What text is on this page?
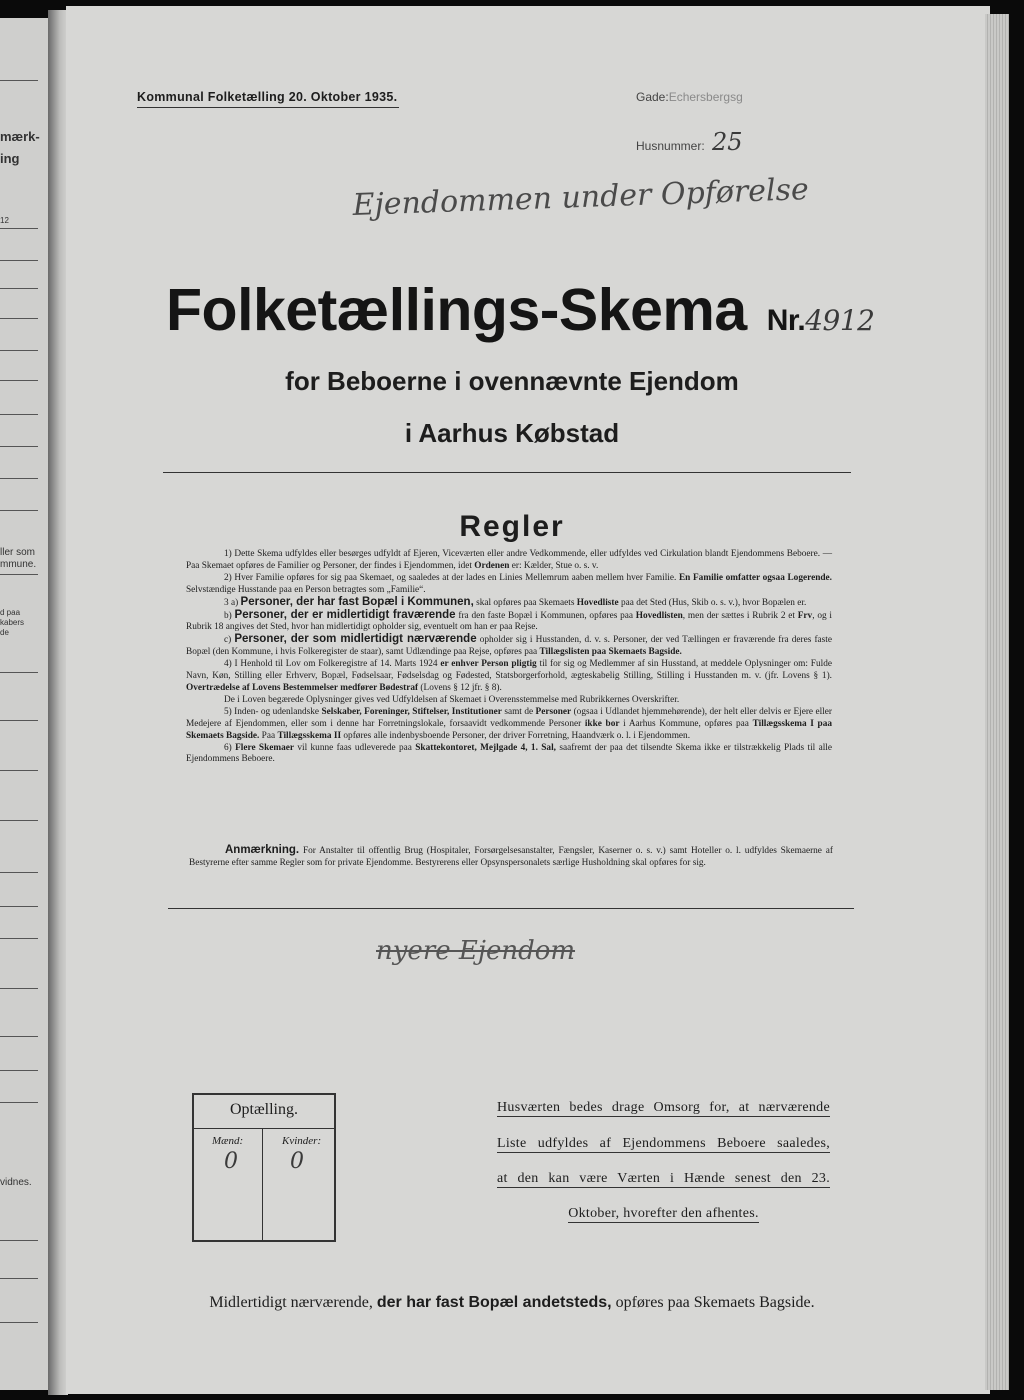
mærk-
ing
12
ller som
mmune.
d paa
kabers
de
vidnes.
Kommunal Folketælling 20. Oktober 1935.	Gade:Echersbergsg
Husnummer: 25
Ejendommen under Opførelse
Folketællings-Skema Nr.4912
for Beboerne i ovennævnte Ejendom
i Aarhus Købstad
Regler

1) Dette Skema udfyldes eller besørges udfyldt af Ejeren, Viceværten eller andre Vedkommende, eller udfyldes ved Cirkulation blandt Ejendommens Beboere. — Paa Skemaet opføres de Familier og Personer, der findes i Ejendommen, idet Ordenen er: Kælder, Stue o. s. v.

2) Hver Familie opføres for sig paa Skemaet, og saaledes at der lades en Linies Mellemrum aaben mellem hver Familie. En Familie omfatter ogsaa Logerende. Selvstændige Husstande paa en Person betragtes som „Familie“.

3 a) Personer, der har fast Bopæl i Kommunen, skal opføres paa Skemaets Hovedliste paa det Sted (Hus, Skib o. s. v.), hvor Bopælen er.

b) Personer, der er midlertidigt fraværende fra den faste Bopæl i Kommunen, opføres paa Hovedlisten, men der sættes i Rubrik 2 et Frv, og i Rubrik 18 angives det Sted, hvor han midlertidigt opholder sig, eventuelt om han er paa Rejse.

c) Personer, der som midlertidigt nærværende opholder sig i Husstanden, d. v. s. Personer, der ved Tællingen er fraværende fra deres faste Bopæl (den Kommune, i hvis Folkeregister de staar), samt Udlændinge paa Rejse, opføres paa Tillægslisten paa Skemaets Bagside.

4) I Henhold til Lov om Folkeregistre af 14. Marts 1924 er enhver Person pligtig til for sig og Medlemmer af sin Husstand, at meddele Oplysninger om: Fulde Navn, Køn, Stilling eller Erhverv, Bopæl, Fødselsaar, Fødselsdag og Fødested, Statsborgerforhold, ægteskabelig Stilling, Stilling i Husstanden m. v. (jfr. Lovens § 1). Overtrædelse af Lovens Bestemmelser medfører Bødestraf (Lovens § 12 jfr. § 8).

De i Loven begærede Oplysninger gives ved Udfyldelsen af Skemaet i Overensstemmelse med Rubrikkernes Overskrifter.

5) Inden- og udenlandske Selskaber, Foreninger, Stiftelser, Institutioner samt de Personer (ogsaa i Udlandet hjemmehørende), der helt eller delvis er Ejere eller Medejere af Ejendommen, eller som i denne har Forretningslokale, forsaavidt vedkommende Personer ikke bor i Aarhus Kommune, opføres paa Tillægsskema I paa Skemaets Bagside. Paa Tillægsskema II opføres alle indenbysboende Personer, der driver Forretning, Haandværk o. l. i Ejendommen.

6) Flere Skemaer vil kunne faas udleverede paa Skattekontoret, Mejlgade 4, 1. Sal, saafremt der paa det tilsendte Skema ikke er tilstrækkelig Plads til alle Ejendommens Beboere.

Anmærkning. For Anstalter til offentlig Brug (Hospitaler, Forsørgelsesanstalter, Fængsler, Kaserner o. s. v.) samt Hoteller o. l. udfyldes Skemaerne af Bestyrerne efter samme Regler som for private Ejendomme. Bestyrerens eller Opsynspersonalets særlige Husholdning skal opføres for sig.
nyere Ejendom
Optælling.
Mænd:	Kvinder:
0 0
Husværten bedes drage Omsorg for, at nærværende
Liste udfyldes af Ejendommens Beboere saaledes,
at den kan være Værten i Hænde senest den 23.
Oktober, hvorefter den afhentes.
Midlertidigt nærværende, der har fast Bopæl andetsteds, opføres paa Skemaets Bagside.
